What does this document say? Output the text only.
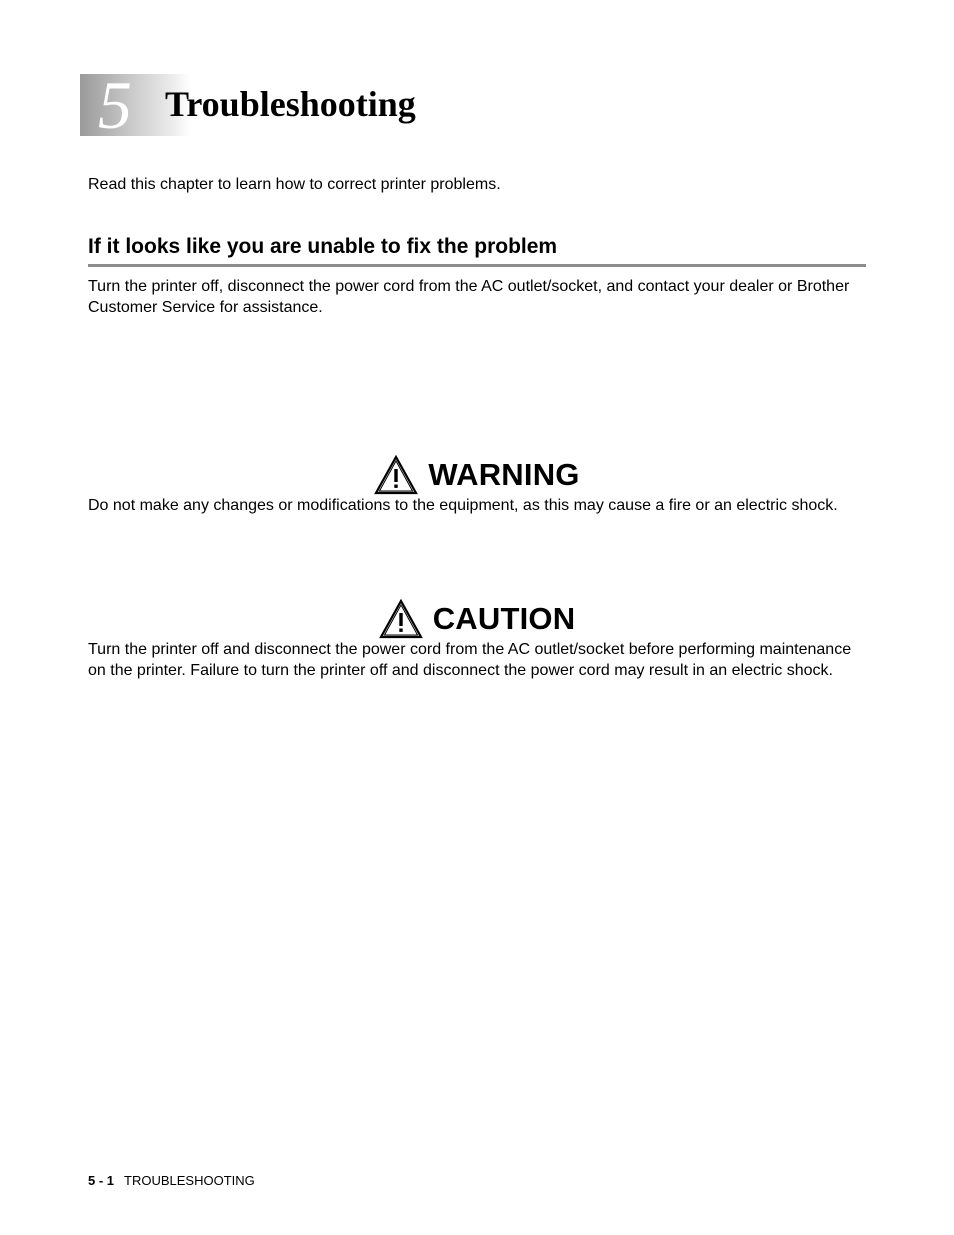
5 Troubleshooting
Read this chapter to learn how to correct printer problems.
If it looks like you are unable to fix the problem
Turn the printer off, disconnect the power cord from the AC outlet/socket, and contact your dealer or Brother Customer Service for assistance.
WARNING
Do not make any changes or modifications to the equipment, as this may cause a fire or an electric shock.
CAUTION
Turn the printer off and disconnect the power cord from the AC outlet/socket before performing maintenance on the printer. Failure to turn the printer off and disconnect the power cord may result in an electric shock.
5 - 1 TROUBLESHOOTING
